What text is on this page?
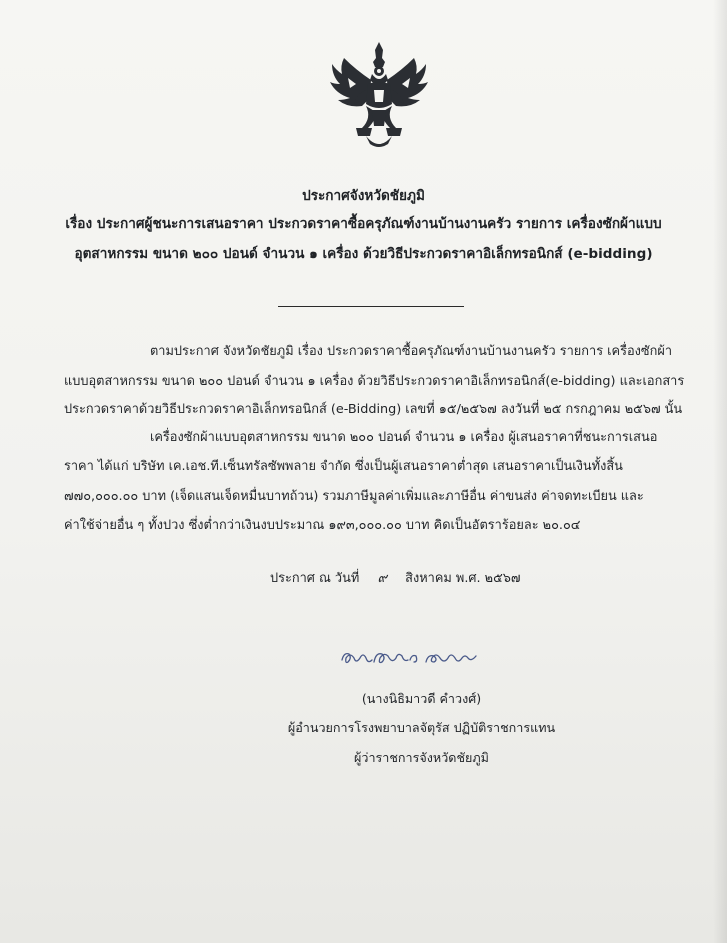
ประกาศจังหวัดชัยภูมิ
เรื่อง ประกาศผู้ชนะการเสนอราคา ประกวดราคาซื้อครุภัณฑ์งานบ้านงานครัว รายการ เครื่องซักผ้าแบบ
อุตสาหกรรม ขนาด ๒๐๐ ปอนด์ จำนวน ๑ เครื่อง ด้วยวิธีประกวดราคาอิเล็กทรอนิกส์ (e-bidding)
ตามประกาศ จังหวัดชัยภูมิ เรื่อง ประกวดราคาซื้อครุภัณฑ์งานบ้านงานครัว รายการ เครื่องซักผ้า
แบบอุตสาหกรรม ขนาด ๒๐๐ ปอนด์ จำนวน ๑ เครื่อง ด้วยวิธีประกวดราคาอิเล็กทรอนิกส์(e-bidding) และเอกสาร
ประกวดราคาด้วยวิธีประกวดราคาอิเล็กทรอนิกส์ (e-Bidding) เลขที่ ๑๕/๒๕๖๗ ลงวันที่ ๒๕ กรกฎาคม ๒๕๖๗ นั้น
เครื่องซักผ้าแบบอุตสาหกรรม ขนาด ๒๐๐ ปอนด์ จำนวน ๑ เครื่อง ผู้เสนอราคาที่ชนะการเสนอ
ราคา ได้แก่ บริษัท เค.เอช.ที.เซ็นทรัลซัพพลาย จำกัด ซึ่งเป็นผู้เสนอราคาต่ำสุด เสนอราคาเป็นเงินทั้งสิ้น
๗๗๐,๐๐๐.๐๐ บาท (เจ็ดแสนเจ็ดหมื่นบาทถ้วน) รวมภาษีมูลค่าเพิ่มและภาษีอื่น ค่าขนส่ง ค่าจดทะเบียน และ
ค่าใช้จ่ายอื่น ๆ ทั้งปวง ซึ่งต่ำกว่าเงินงบประมาณ ๑๙๓,๐๐๐.๐๐ บาท คิดเป็นอัตราร้อยละ ๒๐.๐๔
ประกาศ ณ วันที่ ๙ สิงหาคม พ.ศ. ๒๕๖๗
(นางนิธิมาวดี คำวงศ์)
ผู้อำนวยการโรงพยาบาลจัตุรัส ปฏิบัติราชการแทน
ผู้ว่าราชการจังหวัดชัยภูมิ
